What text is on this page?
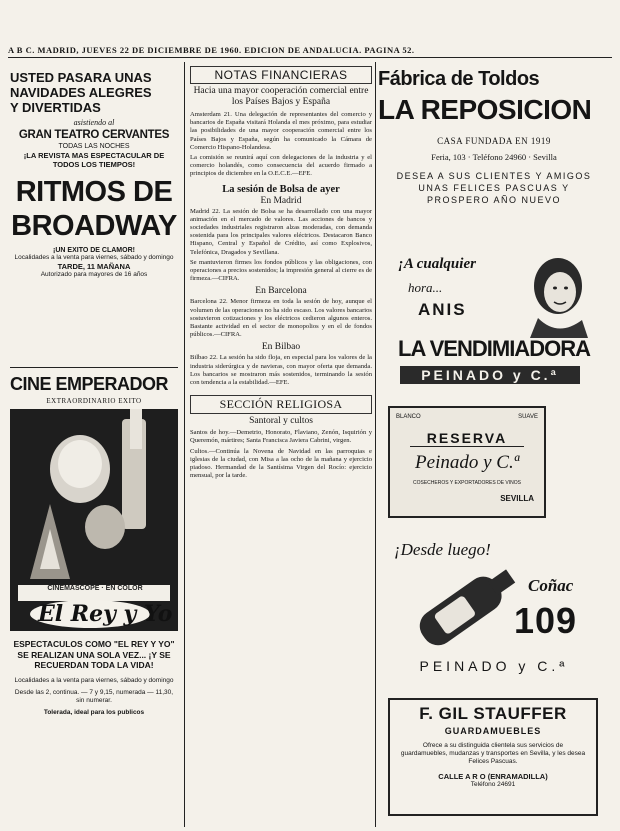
A B C. MADRID, JUEVES 22 DE DICIEMBRE DE 1960. EDICION DE ANDALUCIA. PAGINA 52.
USTED PASARA UNAS NAVIDADES ALEGRES Y DIVERTIDAS
asistiendo al
GRAN TEATRO CERVANTES
TODAS LAS NOCHES
¡LA REVISTA MAS ESPECTACULAR DE TODOS LOS TIEMPOS!
RITMOS DE
BROADWAY
¡UN EXITO DE CLAMOR!
Localidades a la venta para viernes, sábado y domingo
TARDE, 11 MAÑANA
Autorizado para mayores de 16 años
CINE EMPERADOR
EXTRAORDINARIO EXITO
CINEMASCOPE · EN COLOR
El Rey y Yo
ESPECTACULOS COMO "EL REY Y YO" SE REALIZAN UNA SOLA VEZ... ¡Y SE RECUERDAN TODA LA VIDA!
Localidades a la venta para viernes, sábado y domingo
Desde las 2, continua. — 7 y 9,15, numerada — 11,30, sin numerar.
Tolerada, ideal para los publicos
NOTAS FINANCIERAS
Hacia una mayor cooperación comercial entre los Países Bajos y España
Amsterdam 21. Una delegación de representantes del comercio y bancarios de España visitará Holanda el mes próximo, para estudiar las posibilidades de una mayor cooperación comercial entre los Países Bajos y España, según ha comunicado la Cámara de Comercio Hispano-Holandesa.
La comisión se reunirá aquí con delegaciones de la industria y el comercio holandés, como consecuencia del acuerdo firmado a principios de diciembre en la O.E.C.E.—EFE.
La sesión de Bolsa de ayer
En Madrid
Madrid 22. La sesión de Bolsa se ha desarrollado con una mayor animación en el mercado de valores. Las acciones de bancos y sociedades industriales registraron alzas moderadas, con demanda sostenida para los principales valores eléctricos. Destacaron Banco Hispano, Central y Español de Crédito, así como Explosivos, Telefónica, Dragados y Sevillana.
Se mantuvieron firmes los fondos públicos y las obligaciones, con operaciones a precios sostenidos; la impresión general al cierre es de firmeza.—CIFRA.
En Barcelona
Barcelona 22. Menor firmeza en toda la sesión de hoy, aunque el volumen de las operaciones no ha sido escaso. Los valores bancarios sostuvieron cotizaciones y los eléctricos cedieron algunos enteros. Bastante actividad en el sector de monopolios y en el de fondos públicos.—CIFRA.
En Bilbao
Bilbao 22. La sesión ha sido floja, en especial para los valores de la industria siderúrgica y de navieras, con mayor oferta que demanda. Los bancarios se mostraron más sostenidos, terminando la sesión con tendencia a la estabilidad.—EFE.
SECCIÓN RELIGIOSA
Santoral y cultos
Santos de hoy.—Demetrio, Honorato, Flaviano, Zenón, Isquirión y Queremón, mártires; Santa Francisca Javiera Cabrini, virgen.
Cultos.—Continúa la Novena de Navidad en las parroquias e iglesias de la ciudad, con Misa a las ocho de la mañana y ejercicio piadoso. Hermandad de la Santísima Virgen del Rocío: ejercicio mensual, por la tarde.
Fábrica de Toldos
LA REPOSICION
CASA FUNDADA EN 1919
Feria, 103 · Teléfono 24960 · Sevilla
DESEA A SUS CLIENTES Y AMIGOS UNAS FELICES PASCUAS Y PROSPERO AÑO NUEVO
¡A cualquier
hora...
ANIS
LA VENDIMIADORA
PEINADO y C.ª
BLANCO	SUAVE
RESERVA
Peinado y C.ª
COSECHEROS Y EXPORTADORES DE VINOS
SEVILLA
¡Desde luego!
Coñac
109
PEINADO y C.ª
F. GIL STAUFFER
GUARDAMUEBLES
Ofrece a su distinguida clientela sus servicios de guardamuebles, mudanzas y transportes en Sevilla, y les desea Felices Pascuas.
CALLE A R O (ENRAMADILLA)
Teléfono 24691
